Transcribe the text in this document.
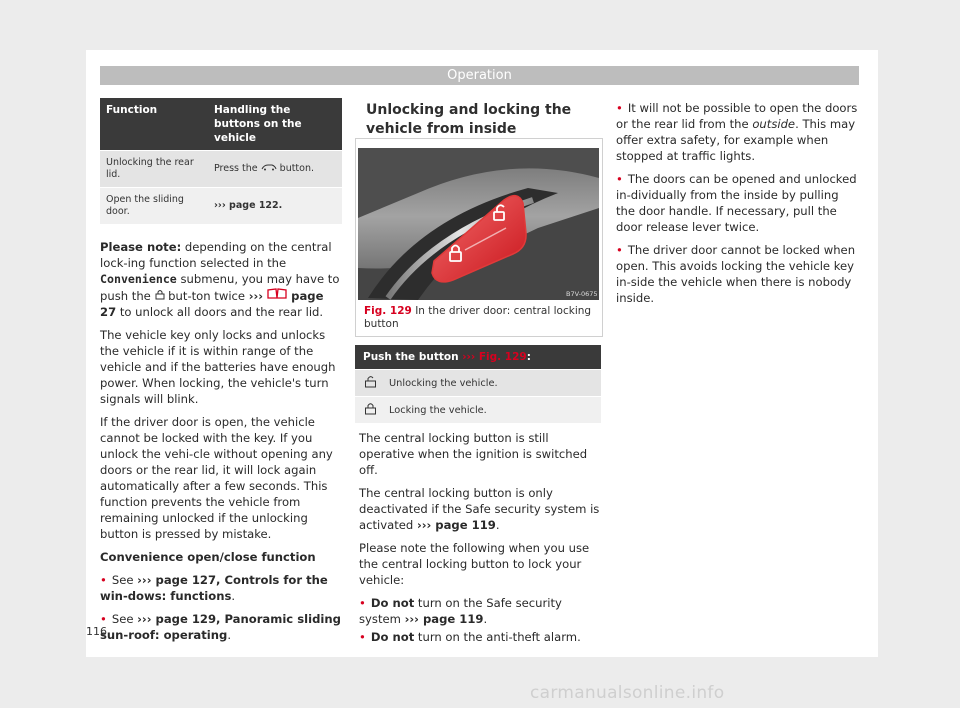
Operation
Function	Handling the buttons on the vehicle
Unlocking the rear lid.	Press the  button.
Open the sliding door.	››› page 122.

Please note: depending on the central lock-ing function selected in the Convenience submenu, you may have to push the  but-ton twice ›››  page 27 to unlock all doors and the rear lid.

The vehicle key only locks and unlocks the vehicle if it is within range of the vehicle and if the batteries have enough power. When locking, the vehicle's turn signals will blink.

If the driver door is open, the vehicle cannot be locked with the key. If you unlock the vehi-cle without opening any doors or the rear lid, it will lock again automatically after a few seconds. This function prevents the vehicle from remaining unlocked if the unlocking button is pressed by mistake.

Convenience open/close function

• See ››› page 127, Controls for the win-dows: functions.

• See ››› page 129, Panoramic sliding sun-roof: operating.

Unlocking and locking the vehicle from inside
B7V-0675
Fig. 129 In the driver door: central locking button
Push the button ››› Fig. 129:	
	Unlocking the vehicle.
	Locking the vehicle.

The central locking button is still operative when the ignition is switched off.

The central locking button is only deactivated if the Safe security system is activated ››› page 119.

Please note the following when you use the central locking button to lock your vehicle:

• Do not turn on the Safe security system ››› page 119.

• Do not turn on the anti-theft alarm.

• It will not be possible to open the doors or the rear lid from the outside. This may offer extra safety, for example when stopped at traffic lights.

• The doors can be opened and unlocked in-dividually from the inside by pulling the door handle. If necessary, pull the door release lever twice.

• The driver door cannot be locked when open. This avoids locking the vehicle key in-side the vehicle when there is nobody inside.

116
carmanualsonline.info
